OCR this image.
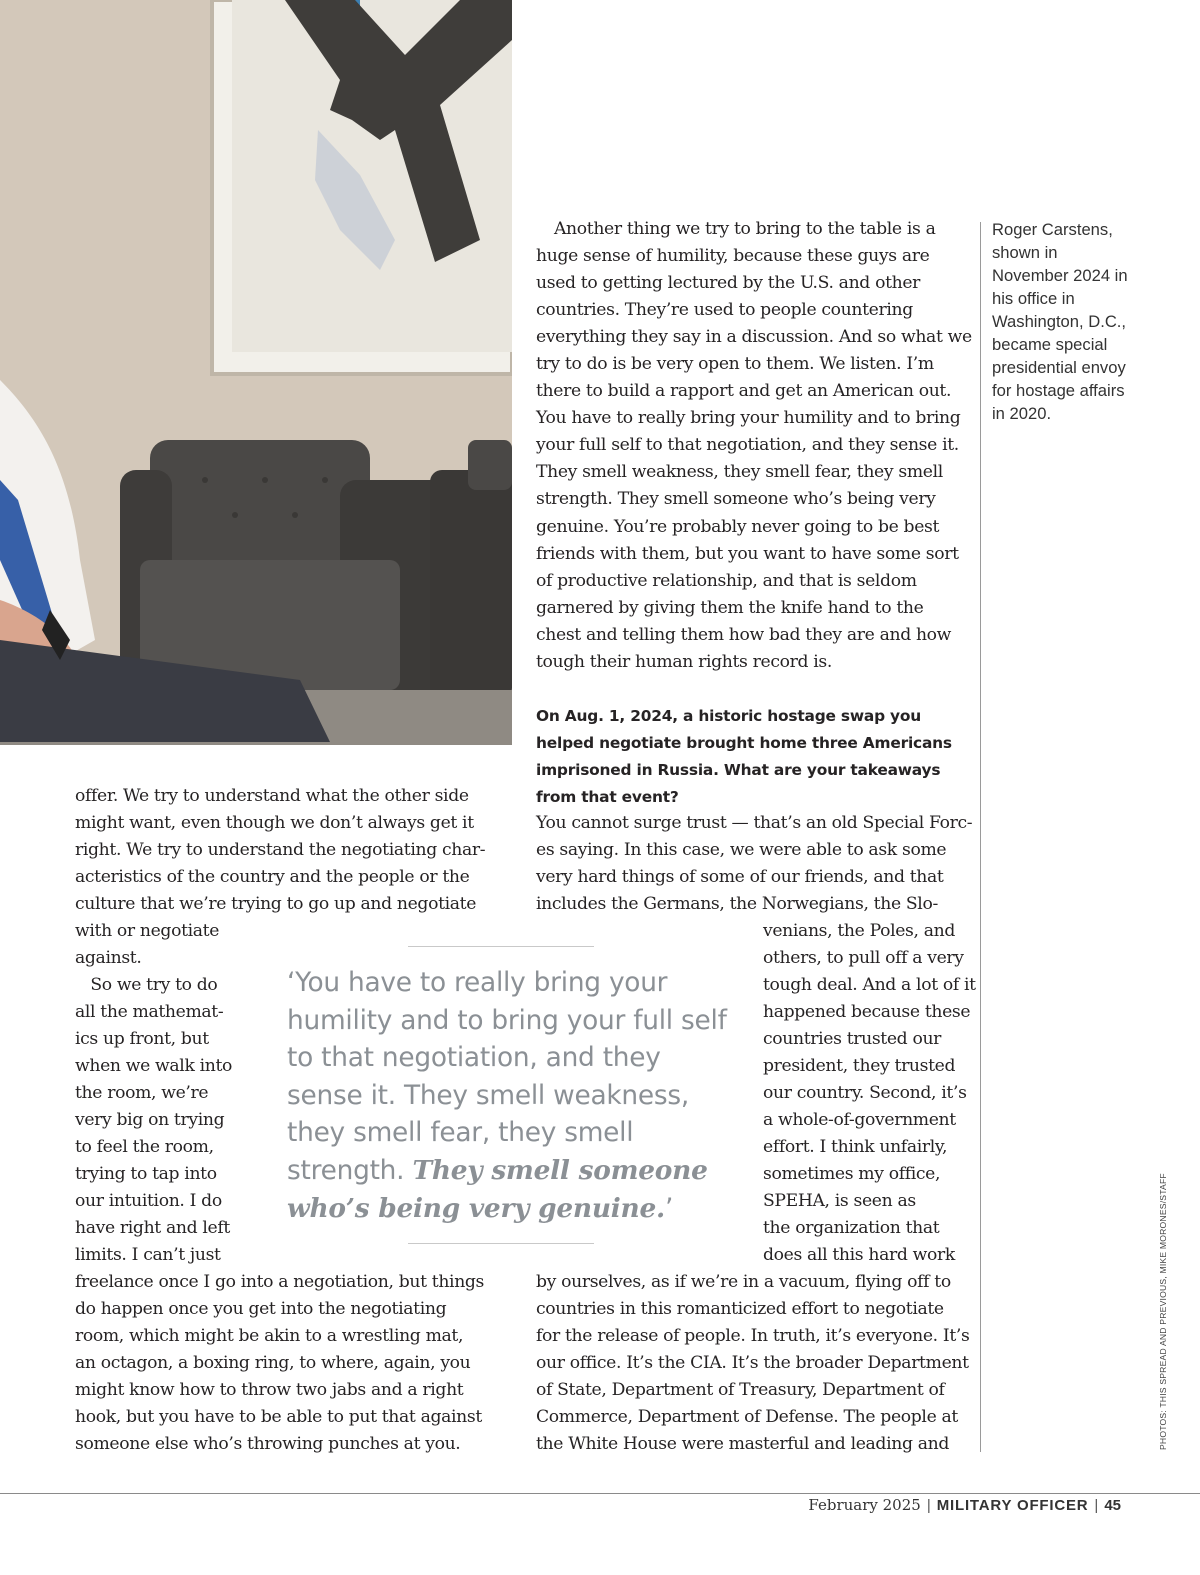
Another thing we try to bring to the table is a huge sense of humility, because these guys are used to getting lectured by the U.S. and other countries. They’re used to people countering everything they say in a discussion. And so what we try to do is be very open to them. We listen. I’m there to build a rapport and get an American out. You have to really bring your humility and to bring your full self to that negotiation, and they sense it. They smell weakness, they smell fear, they smell strength. They smell someone who’s being very genuine. You’re probably never going to be best friends with them, but you want to have some sort of productive relationship, and that is seldom garnered by giving them the knife hand to the chest and telling them how bad they are and how tough their human rights record is.

On Aug. 1, 2024, a historic hostage swap you helped negotiate brought home three Americans imprisoned in Russia. What are your takeaways from that event?

offer. We try to understand what the other side
might want, even though we don’t always get it
right. We try to understand the negotiating char-
acteristics of the country and the people or the
culture that we’re trying to go up and negotiate
with or negotiate
against.
So we try to do
all the mathemat-
ics up front, but
when we walk into
the room, we’re
very big on trying
to feel the room,
trying to tap into
our intuition. I do
have right and left
limits. I can’t just
freelance once I go into a negotiation, but things
do happen once you get into the negotiating
room, which might be akin to a wrestling mat,
an octagon, a boxing ring, to where, again, you
might know how to throw two jabs and a right
hook, but you have to be able to put that against
someone else who’s throwing punches at you.
You cannot surge trust — that’s an old Special Forc-
es saying. In this case, we were able to ask some
very hard things of some of our friends, and that
includes the Germans, the Norwegians, the Slo-
venians, the Poles, and
others, to pull off a very
tough deal. And a lot of it
happened because these
countries trusted our
president, they trusted
our country. Second, it’s
a whole-of-government
effort. I think unfairly,
sometimes my office,
SPEHA, is seen as
the organization that
does all this hard work
by ourselves, as if we’re in a vacuum, flying off to
countries in this romanticized effort to negotiate
for the release of people. In truth, it’s everyone. It’s
our office. It’s the CIA. It’s the broader Department
of State, Department of Treasury, Department of
Commerce, Department of Defense. The people at
the White House were masterful and leading and
‘You have to really bring your humility and to bring your full self to that negotiation, and they sense it. They smell weakness, they smell fear, they smell strength. They smell someone who’s being very genuine.’
Roger Carstens, shown in November 2024 in his office in Washington, D.C., became special presidential envoy for hostage affairs in 2020.
PHOTOS: THIS SPREAD AND PREVIOUS, MIKE MORONES/STAFF
February 2025 | MILITARY OFFICER | 45
